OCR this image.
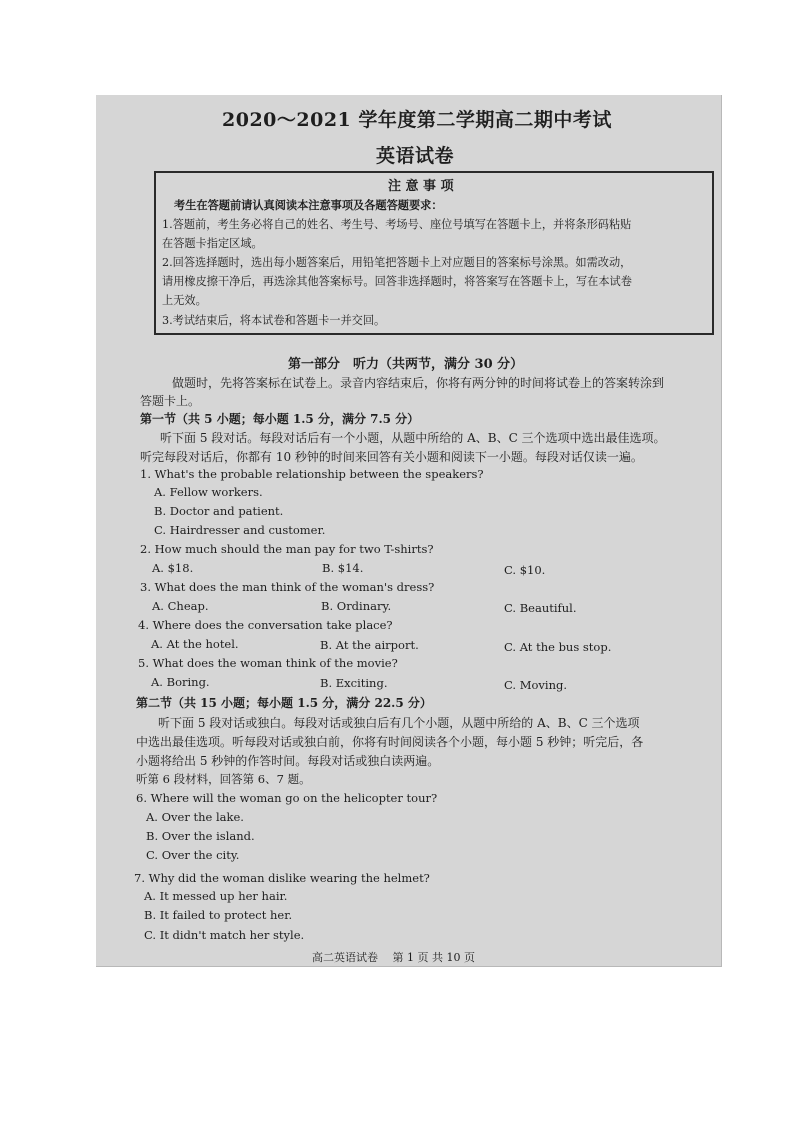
2020～2021 学年度第二学期高二期中考试
英语试卷
注 意 事 项
考生在答题前请认真阅读本注意事项及各题答题要求：
1.答题前，考生务必将自己的姓名、考生号、考场号、座位号填写在答题卡上，并将条形码粘贴
在答题卡指定区域。
2.回答选择题时，选出每小题答案后，用铅笔把答题卡上对应题目的答案标号涂黑。如需改动，
请用橡皮擦干净后，再选涂其他答案标号。回答非选择题时，将答案写在答题卡上，写在本试卷
上无效。
3.考试结束后，将本试卷和答题卡一并交回。
第一部分　听力（共两节，满分 30 分）
做题时，先将答案标在试卷上。录音内容结束后，你将有两分钟的时间将试卷上的答案转涂到
答题卡上。
第一节（共 5 小题；每小题 1.5 分，满分 7.5 分）
听下面 5 段对话。每段对话后有一个小题，从题中所给的 A、B、C 三个选项中选出最佳选项。
听完每段对话后，你都有 10 秒钟的时间来回答有关小题和阅读下一小题。每段对话仅读一遍。
1. What's the probable relationship between the speakers?
A. Fellow workers.
B. Doctor and patient.
C. Hairdresser and customer.
2. How much should the man pay for two T-shirts?
A. $18.	B. $14.	C. $10.
3. What does the man think of the woman's dress?
A. Cheap.	B. Ordinary.	C. Beautiful.
4. Where does the conversation take place?
A. At the hotel.	B. At the airport.	C. At the bus stop.
5. What does the woman think of the movie?
A. Boring.	B. Exciting.	C. Moving.
第二节（共 15 小题；每小题 1.5 分，满分 22.5 分）
听下面 5 段对话或独白。每段对话或独白后有几个小题，从题中所给的 A、B、C 三个选项
中选出最佳选项。听每段对话或独白前，你将有时间阅读各个小题，每小题 5 秒钟；听完后，各
小题将给出 5 秒钟的作答时间。每段对话或独白读两遍。
听第 6 段材料，回答第 6、7 题。
6. Where will the woman go on the helicopter tour?
A. Over the lake.
B. Over the island.
C. Over the city.
7. Why did the woman dislike wearing the helmet?
A. It messed up her hair.
B. It failed to protect her.
C. It didn't match her style.
高二英语试卷　 第 1 页 共 10 页
